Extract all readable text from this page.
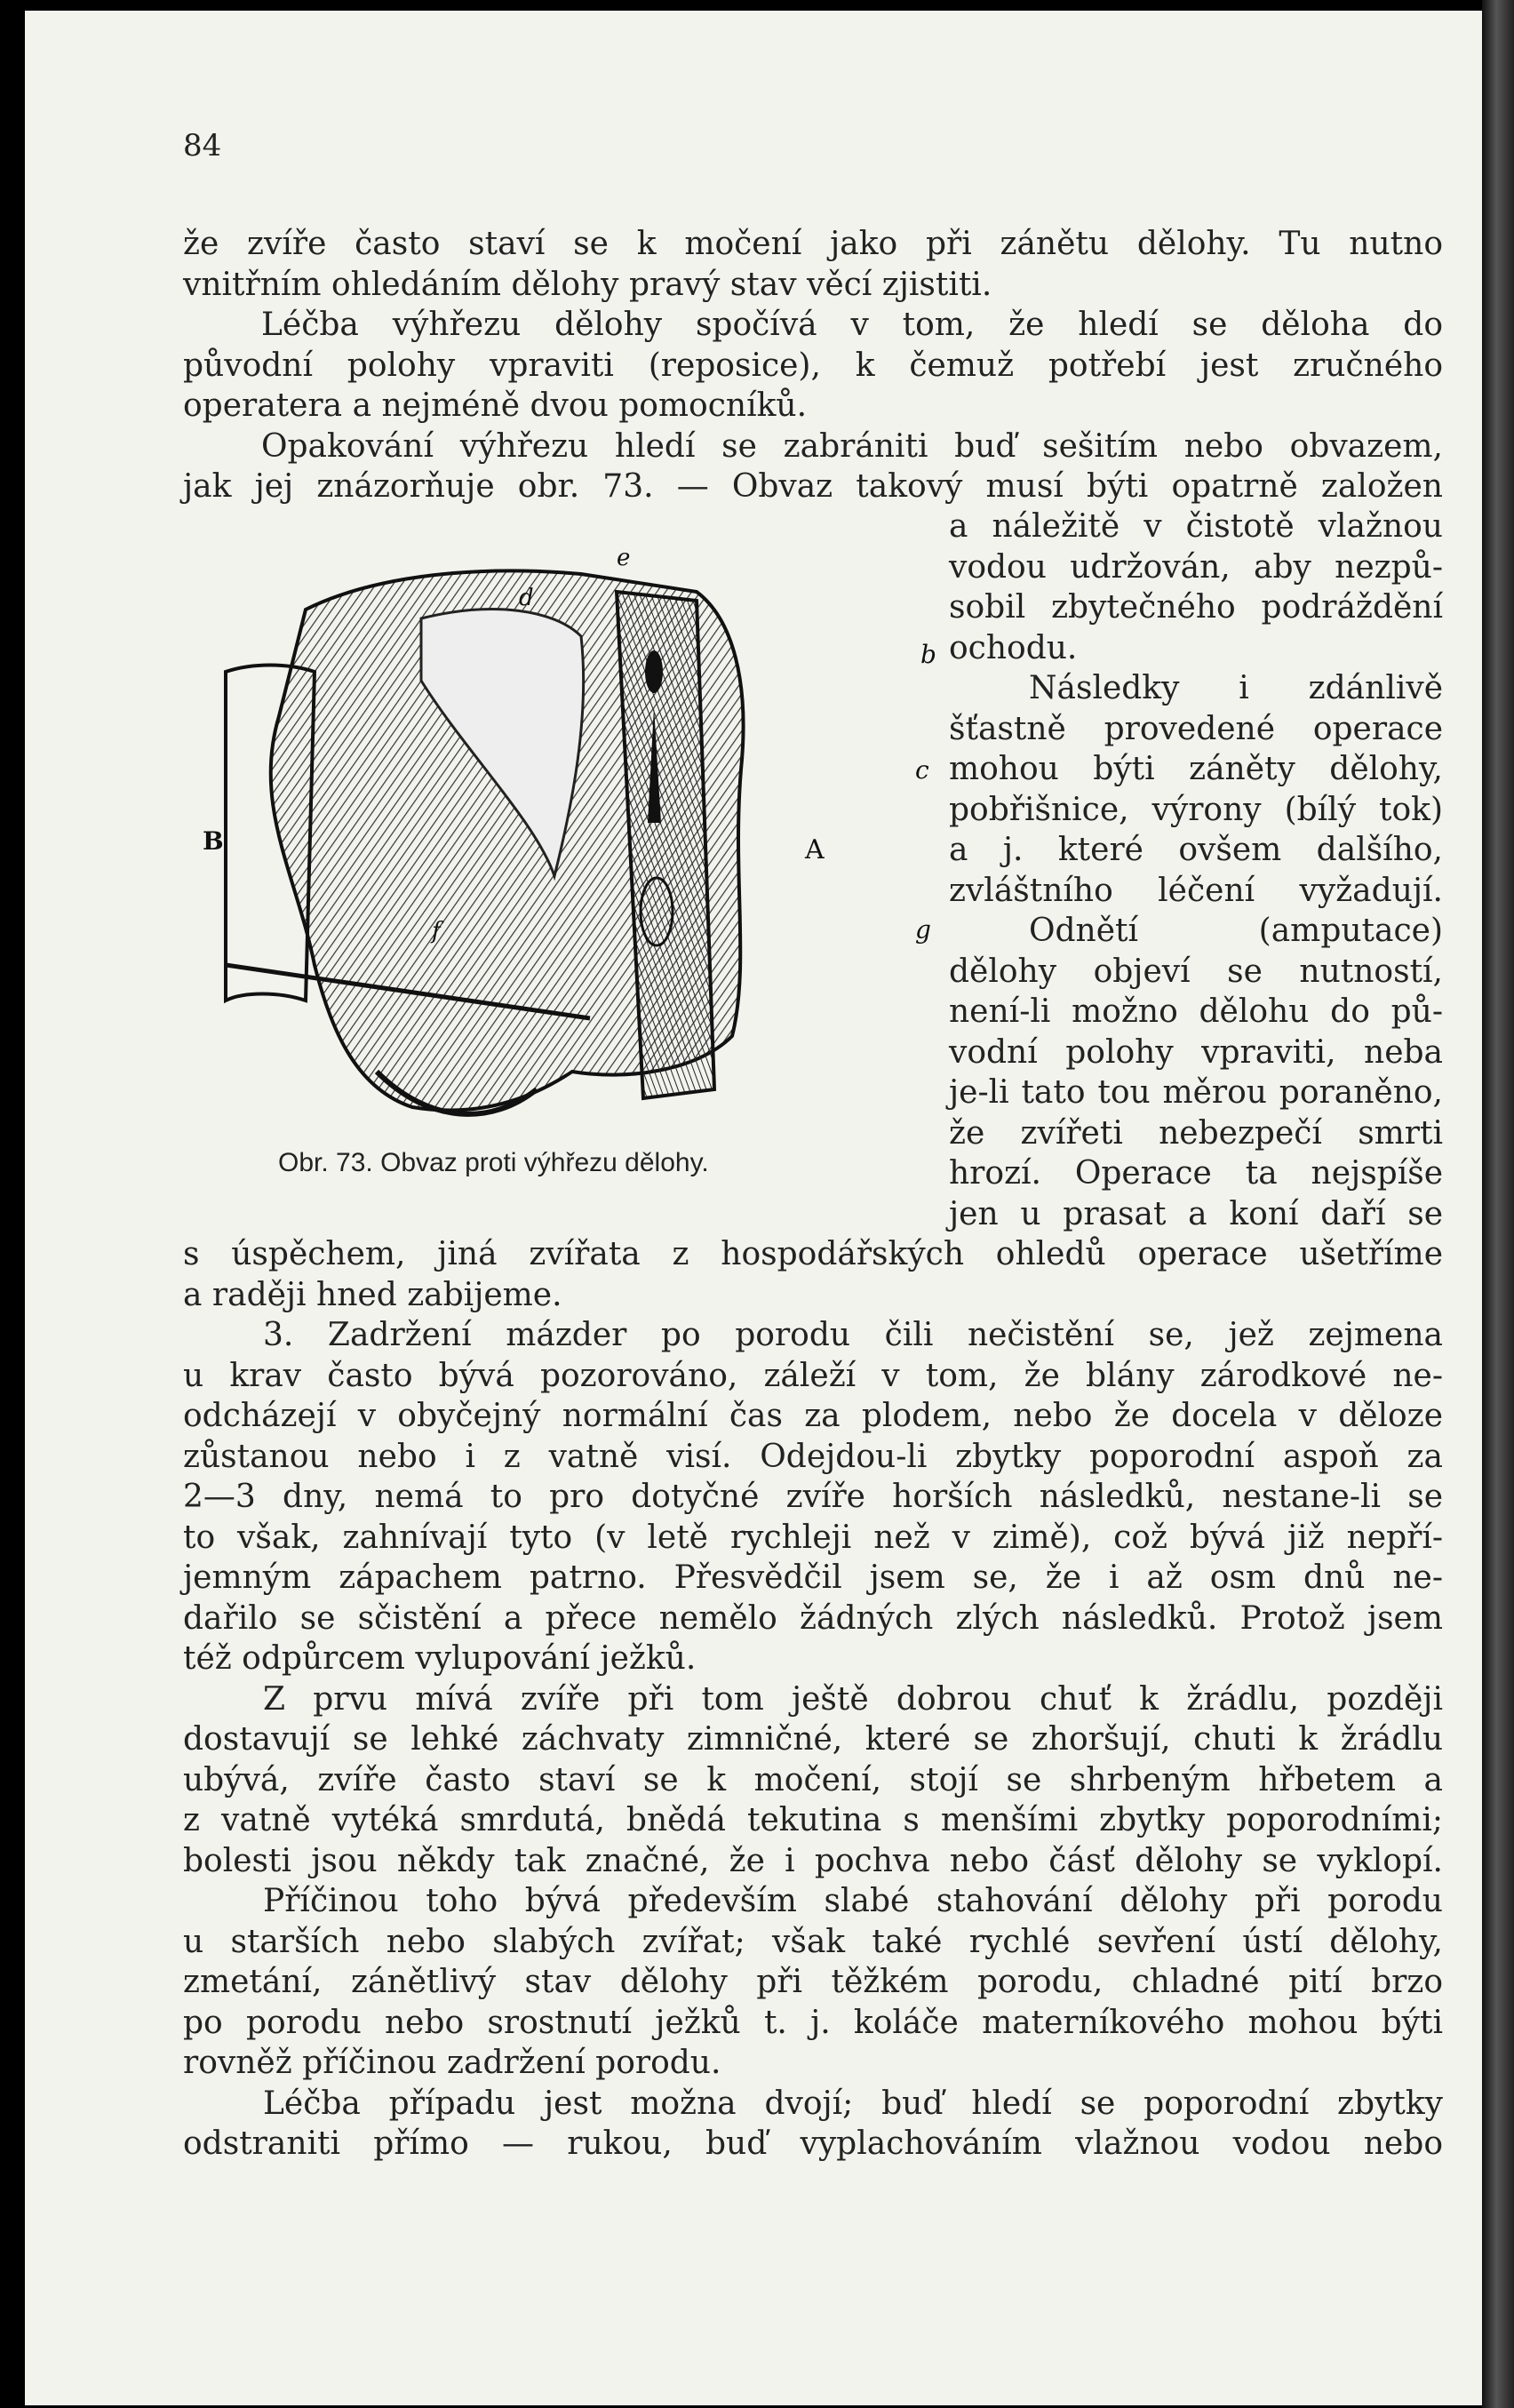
84
že zvíře často staví se k močení jako při zánětu dělohy. Tu nutno
vnitřním ohledáním dělohy pravý stav věcí zjistiti.
Léčba výhřezu dělohy spočívá v tom, že hledí se děloha do
původní polohy vpraviti (reposice), k čemuž potřebí jest zručného
operatera a nejméně dvou pomocníků.
Opakování výhřezu hledí se zabrániti buď sešitím nebo obvazem,
jak jej znázorňuje obr. 73. — Obvaz takový musí býti opatrně založen
a náležitě v čistotě vlažnou
vodou udržován, aby nezpů-
sobil zbytečného podráždění
ochodu.
Následky i zdánlivě
šťastně provedené operace
mohou býti záněty dělohy,
pobřišnice, výrony (bílý tok)
a j. které ovšem dalšího,
zvláštního léčení vyžadují.
Odnětí (amputace)
dělohy objeví se nutností,
není-li možno dělohu do pů-
vodní polohy vpraviti, neba
je-li tato tou měrou poraněno,
že zvířeti nebezpečí smrti
hrozí. Operace ta nejspíše
jen u prasat a koní daří se
e
d
b
c
B	A
f	g
Obr. 73. Obvaz proti výhřezu dělohy.
s úspěchem, jiná zvířata z hospodářských ohledů operace ušetříme
a raději hned zabijeme.
3. Zadržení mázder po porodu čili nečistění se, jež zejmena
u krav často bývá pozorováno, záleží v tom, že blány zárodkové ne-
odcházejí v obyčejný normální čas za plodem, nebo že docela v děloze
zůstanou nebo i z vatně visí. Odejdou-li zbytky poporodní aspoň za
2—3 dny, nemá to pro dotyčné zvíře horších následků, nestane-li se
to však, zahnívají tyto (v letě rychleji než v zimě), což bývá již nepří-
jemným zápachem patrno. Přesvědčil jsem se, že i až osm dnů ne-
dařilo se sčistění a přece nemělo žádných zlých následků. Protož jsem
též odpůrcem vylupování ježků.
Z prvu mívá zvíře při tom ještě dobrou chuť k žrádlu, později
dostavují se lehké záchvaty zimničné, které se zhoršují, chuti k žrádlu
ubývá, zvíře často staví se k močení, stojí se shrbeným hřbetem a
z vatně vytéká smrdutá, bnědá tekutina s menšími zbytky poporodními;
bolesti jsou někdy tak značné, že i pochva nebo čásť dělohy se vyklopí.
Příčinou toho bývá především slabé stahování dělohy při porodu
u starších nebo slabých zvířat; však také rychlé sevření ústí dělohy,
zmetání, zánětlivý stav dělohy při těžkém porodu, chladné pití brzo
po porodu nebo srostnutí ježků t. j. koláče materníkového mohou býti
rovněž příčinou zadržení porodu.
Léčba případu jest možna dvojí; buď hledí se poporodní zbytky
odstraniti přímo — rukou, buď vyplachováním vlažnou vodou nebo
